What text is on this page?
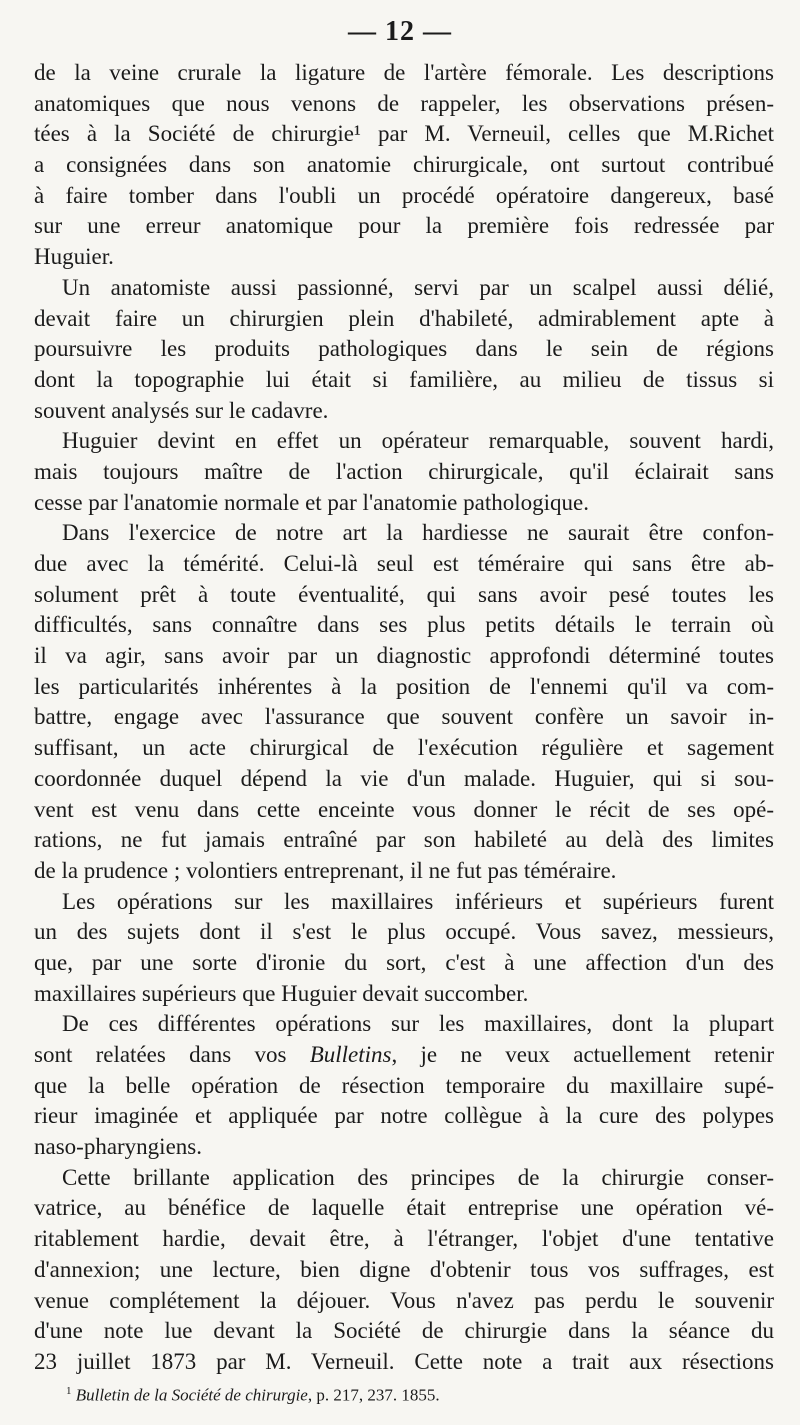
— 12 —
de la veine crurale la ligature de l'artère fémorale. Les descriptions
anatomiques que nous venons de rappeler, les observations présen-
tées à la Société de chirurgie¹ par M. Verneuil, celles que M.Richet
a consignées dans son anatomie chirurgicale, ont surtout contribué
à faire tomber dans l'oubli un procédé opératoire dangereux, basé
sur une erreur anatomique pour la première fois redressée par
Huguier.
Un anatomiste aussi passionné, servi par un scalpel aussi délié,
devait faire un chirurgien plein d'habileté, admirablement apte à
poursuivre les produits pathologiques dans le sein de régions
dont la topographie lui était si familière, au milieu de tissus si
souvent analysés sur le cadavre.
Huguier devint en effet un opérateur remarquable, souvent hardi,
mais toujours maître de l'action chirurgicale, qu'il éclairait sans
cesse par l'anatomie normale et par l'anatomie pathologique.
Dans l'exercice de notre art la hardiesse ne saurait être confon-
due avec la témérité. Celui-là seul est téméraire qui sans être ab-
solument prêt à toute éventualité, qui sans avoir pesé toutes les
difficultés, sans connaître dans ses plus petits détails le terrain où
il va agir, sans avoir par un diagnostic approfondi déterminé toutes
les particularités inhérentes à la position de l'ennemi qu'il va com-
battre, engage avec l'assurance que souvent confère un savoir in-
suffisant, un acte chirurgical de l'exécution régulière et sagement
coordonnée duquel dépend la vie d'un malade. Huguier, qui si sou-
vent est venu dans cette enceinte vous donner le récit de ses opé-
rations, ne fut jamais entraîné par son habileté au delà des limites
de la prudence ; volontiers entreprenant, il ne fut pas téméraire.
Les opérations sur les maxillaires inférieurs et supérieurs furent
un des sujets dont il s'est le plus occupé. Vous savez, messieurs,
que, par une sorte d'ironie du sort, c'est à une affection d'un des
maxillaires supérieurs que Huguier devait succomber.
De ces différentes opérations sur les maxillaires, dont la plupart
sont relatées dans vos Bulletins, je ne veux actuellement retenir
que la belle opération de résection temporaire du maxillaire supé-
rieur imaginée et appliquée par notre collègue à la cure des polypes
naso-pharyngiens.
Cette brillante application des principes de la chirurgie conser-
vatrice, au bénéfice de laquelle était entreprise une opération vé-
ritablement hardie, devait être, à l'étranger, l'objet d'une tentative
d'annexion; une lecture, bien digne d'obtenir tous vos suffrages, est
venue complétement la déjouer. Vous n'avez pas perdu le souvenir
d'une note lue devant la Société de chirurgie dans la séance du
23 juillet 1873 par M. Verneuil. Cette note a trait aux résections
$^1$ Bulletin de la Société de chirurgie, p. 217, 237. 1855.
